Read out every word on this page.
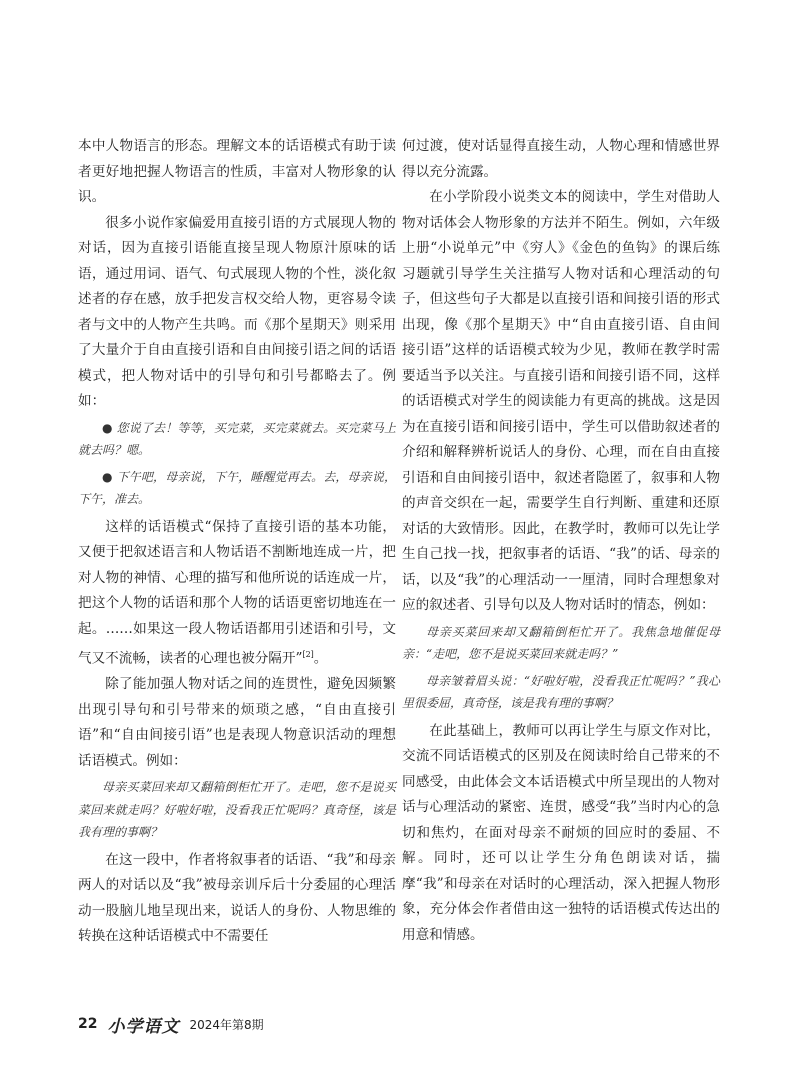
本中人物语言的形态。理解文本的话语模式有助于读者更好地把握人物语言的性质，丰富对人物形象的认识。

很多小说作家偏爱用直接引语的方式展现人物的对话，因为直接引语能直接呈现人物原汁原味的话语，通过用词、语气、句式展现人物的个性，淡化叙述者的存在感，放手把发言权交给人物，更容易令读者与文中的人物产生共鸣。而《那个星期天》则采用了大量介于自由直接引语和自由间接引语之间的话语模式，把人物对话中的引导句和引号都略去了。例如：

● 您说了去！等等，买完菜，买完菜就去。买完菜马上就去吗？嗯。

● 下午吧，母亲说，下午，睡醒觉再去。去，母亲说，下午，准去。

这样的话语模式“保持了直接引语的基本功能，又便于把叙述语言和人物话语不割断地连成一片，把对人物的神情、心理的描写和他所说的话连成一片，把这个人物的话语和那个人物的话语更密切地连在一起。……如果这一段人物话语都用引述语和引号，文气又不流畅，读者的心理也被分隔开”[2]。

除了能加强人物对话之间的连贯性，避免因频繁出现引导句和引号带来的烦琐之感，“自由直接引语”和“自由间接引语”也是表现人物意识活动的理想话语模式。例如：

母亲买菜回来却又翻箱倒柜忙开了。走吧，您不是说买菜回来就走吗？好啦好啦，没看我正忙呢吗？真奇怪，该是我有理的事啊？

在这一段中，作者将叙事者的话语、“我”和母亲两人的对话以及“我”被母亲训斥后十分委屈的心理活动一股脑儿地呈现出来，说话人的身份、人物思维的转换在这种话语模式中不需要任

何过渡，使对话显得直接生动，人物心理和情感世界得以充分流露。

在小学阶段小说类文本的阅读中，学生对借助人物对话体会人物形象的方法并不陌生。例如，六年级上册“小说单元”中《穷人》《金色的鱼钩》的课后练习题就引导学生关注描写人物对话和心理活动的句子，但这些句子大都是以直接引语和间接引语的形式出现，像《那个星期天》中“自由直接引语、自由间接引语”这样的话语模式较为少见，教师在教学时需要适当予以关注。与直接引语和间接引语不同，这样的话语模式对学生的阅读能力有更高的挑战。这是因为在直接引语和间接引语中，学生可以借助叙述者的介绍和解释辨析说话人的身份、心理，而在自由直接引语和自由间接引语中，叙述者隐匿了，叙事和人物的声音交织在一起，需要学生自行判断、重建和还原对话的大致情形。因此，在教学时，教师可以先让学生自己找一找，把叙事者的话语、“我”的话、母亲的话，以及“我”的心理活动一一厘清，同时合理想象对应的叙述者、引导句以及人物对话时的情态，例如：

母亲买菜回来却又翻箱倒柜忙开了。我焦急地催促母亲：“走吧，您不是说买菜回来就走吗？”

母亲皱着眉头说：“好啦好啦，没看我正忙呢吗？”我心里很委屈，真奇怪，该是我有理的事啊？

在此基础上，教师可以再让学生与原文作对比，交流不同话语模式的区别及在阅读时给自己带来的不同感受，由此体会文本话语模式中所呈现出的人物对话与心理活动的紧密、连贯，感受“我”当时内心的急切和焦灼，在面对母亲不耐烦的回应时的委屈、不解。同时，还可以让学生分角色朗读对话，揣摩“我”和母亲在对话时的心理活动，深入把握人物形象，充分体会作者借由这一独特的话语模式传达出的用意和情感。

22 小学语文 2024年第8期
